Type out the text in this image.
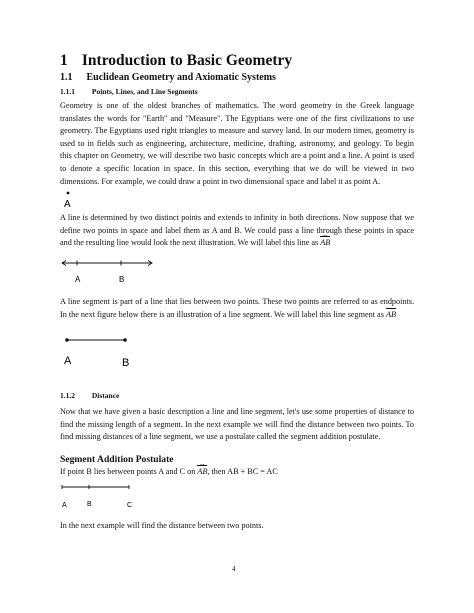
1 Introduction to Basic Geometry
1.1 Euclidean Geometry and Axiomatic Systems
1.1.1 Points, Lines, and Line Segments

Geometry is one of the oldest branches of mathematics. The word geometry in the Greek language translates the words for "Earth" and "Measure". The Egyptians were one of the first civilizations to use geometry. The Egyptians used right triangles to measure and survey land. In our modern times, geometry is used to in fields such as engineering, architecture, medicine, drafting, astronomy, and geology. To begin this chapter on Geometry, we will describe two basic concepts which are a point and a line. A point is used to denote a specific location in space. In this section, everything that we do will be viewed in two dimensions. For example, we could draw a point in two dimensional space and label it as point A.

A

A line is determined by two distinct points and extends to infinity in both directions. Now suppose that we define two points in space and label them as A and B. We could pass a line through these points in space and the resulting line would look the next illustration. We will label this line as AB ↔

A	B

A line segment is part of a line that lies between two points. These two points are referred to as endpoints. In the next figure below there is an illustration of a line segment. We will label this line segment as AB

A	B
1.1.2 Distance

Now that we have given a basic description a line and line segment, let's use some properties of distance to find the missing length of a segment. In the next example we will find the distance between two points. To find missing distances of a line segment, we use a postulate called the segment addition postulate.

Segment Addition Postulate

If point B lies between points A and C on AB ↔, then AB + BC = AC

A	B	C

In the next example will find the distance between two points.

4
